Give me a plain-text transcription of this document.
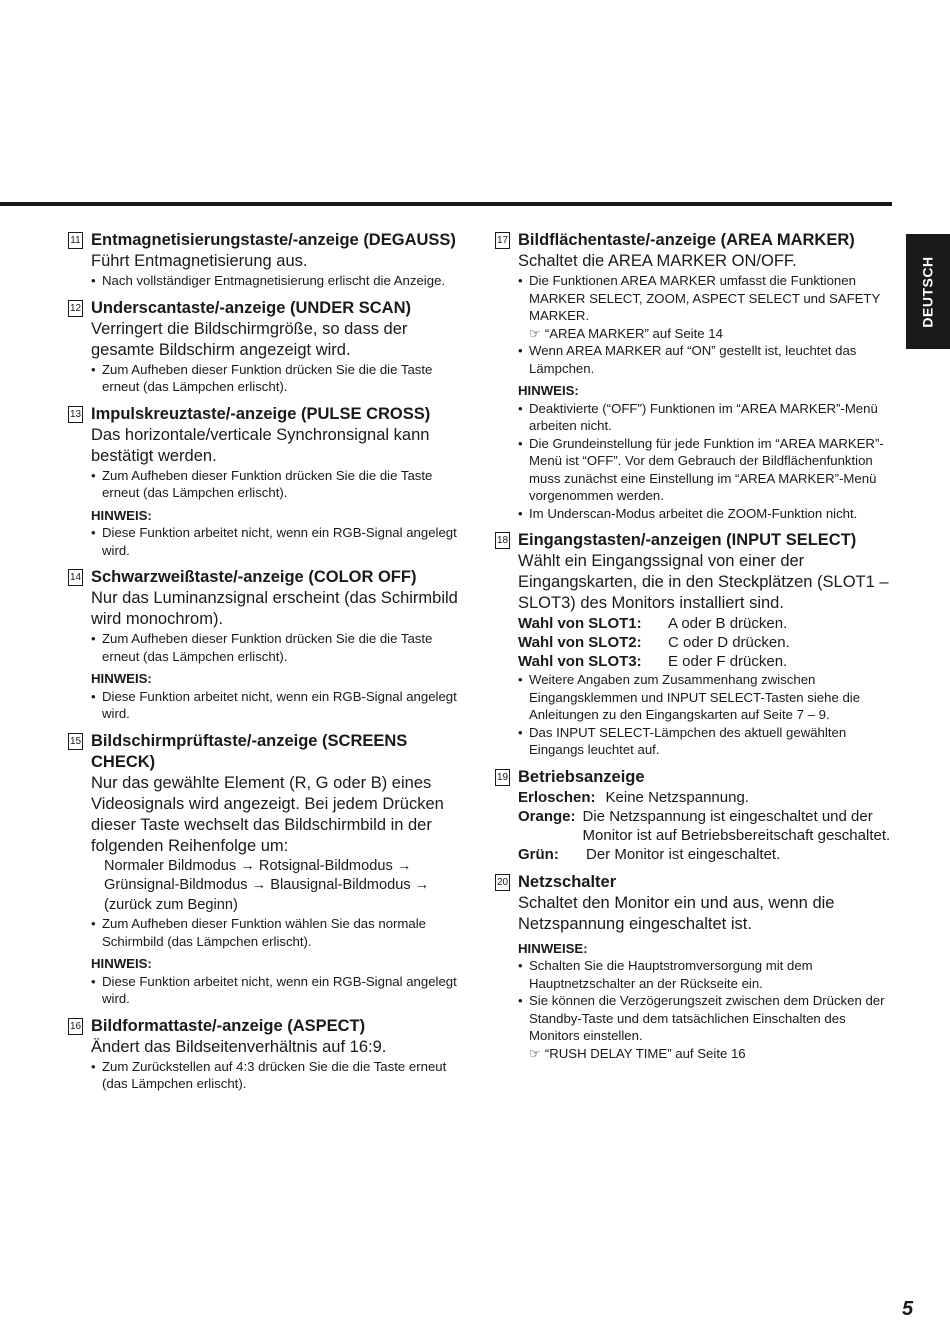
DEUTSCH
11 Entmagnetisierungstaste/-anzeige (DEGAUSS)
Führt Entmagnetisierung aus.
• Nach vollständiger Entmagnetisierung erlischt die Anzeige.
12 Underscantaste/-anzeige (UNDER SCAN)
Verringert die Bildschirmgröße, so dass der gesamte Bildschirm angezeigt wird.
• Zum Aufheben dieser Funktion drücken Sie die die Taste erneut (das Lämpchen erlischt).
13 Impulskreuztaste/-anzeige (PULSE CROSS)
Das horizontale/verticale Synchronsignal kann bestätigt werden.
• Zum Aufheben dieser Funktion drücken Sie die die Taste erneut (das Lämpchen erlischt).
HINWEIS:
• Diese Funktion arbeitet nicht, wenn ein RGB-Signal angelegt wird.
14 Schwarzweißtaste/-anzeige (COLOR OFF)
Nur das Luminanzsignal erscheint (das Schirmbild wird monochrom).
• Zum Aufheben dieser Funktion drücken Sie die die Taste erneut (das Lämpchen erlischt).
HINWEIS:
• Diese Funktion arbeitet nicht, wenn ein RGB-Signal angelegt wird.
15 Bildschirmprüftaste/-anzeige (SCREENS CHECK)
Nur das gewählte Element (R, G oder B) eines Videosignals wird angezeigt. Bei jedem Drücken dieser Taste wechselt das Bildschirmbild in der folgenden Reihenfolge um:
Normaler Bildmodus → Rotsignal-Bildmodus →
Grünsignal-Bildmodus → Blausignal-Bildmodus →
(zurück zum Beginn)
• Zum Aufheben dieser Funktion wählen Sie das normale Schirmbild (das Lämpchen erlischt).
HINWEIS:
• Diese Funktion arbeitet nicht, wenn ein RGB-Signal angelegt wird.
16 Bildformattaste/-anzeige (ASPECT)
Ändert das Bildseitenverhältnis auf 16:9.
• Zum Zurückstellen auf 4:3 drücken Sie die die Taste erneut (das Lämpchen erlischt).
17 Bildflächentaste/-anzeige (AREA MARKER)
Schaltet die AREA MARKER ON/OFF.
• Die Funktionen AREA MARKER umfasst die Funktionen MARKER SELECT, ZOOM, ASPECT SELECT und SAFETY MARKER.
☞ “AREA MARKER” auf Seite 14
• Wenn AREA MARKER auf “ON” gestellt ist, leuchtet das Lämpchen.
HINWEIS:
• Deaktivierte (“OFF”) Funktionen im “AREA MARKER”-Menü arbeiten nicht.
• Die Grundeinstellung für jede Funktion im “AREA MARKER”-Menü ist “OFF”. Vor dem Gebrauch der Bildflächenfunktion muss zunächst eine Einstellung im “AREA MARKER”-Menü vorgenommen werden.
• Im Underscan-Modus arbeitet die ZOOM-Funktion nicht.
18 Eingangstasten/-anzeigen (INPUT SELECT)
Wählt ein Eingangssignal von einer der Eingangskarten, die in den Steckplätzen (SLOT1 – SLOT3) des Monitors installiert sind.
Wahl von SLOT1:	A oder B drücken.
Wahl von SLOT2:	C oder D drücken.
Wahl von SLOT3:	E oder F drücken.
• Weitere Angaben zum Zusammenhang zwischen Eingangsklemmen und INPUT SELECT-Tasten siehe die Anleitungen zu den Eingangskarten auf Seite 7 – 9.
• Das INPUT SELECT-Lämpchen des aktuell gewählten Eingangs leuchtet auf.
19 Betriebsanzeige
Erloschen: Keine Netzspannung.
Orange: Die Netzspannung ist eingeschaltet und der Monitor ist auf Betriebsbereitschaft geschaltet.
Grün:	Der Monitor ist eingeschaltet.
20 Netzschalter
Schaltet den Monitor ein und aus, wenn die Netzspannung eingeschaltet ist.
HINWEISE:
• Schalten Sie die Hauptstromversorgung mit dem Hauptnetzschalter an der Rückseite ein.
• Sie können die Verzögerungszeit zwischen dem Drücken der Standby-Taste und dem tatsächlichen Einschalten des Monitors einstellen.
☞ “RUSH DELAY TIME” auf Seite 16
5
